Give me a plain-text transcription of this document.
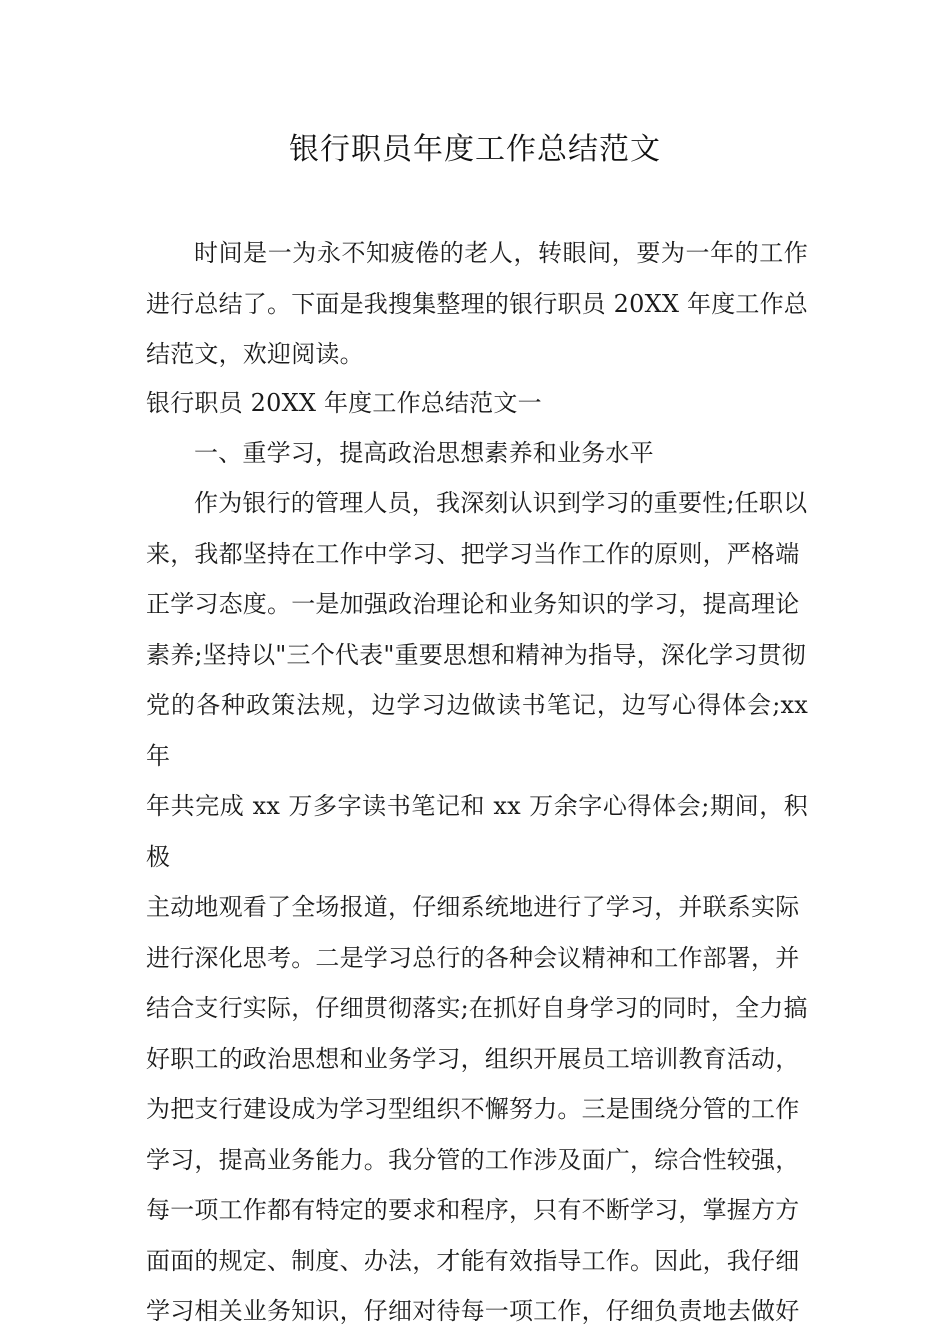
银行职员年度工作总结范文

时间是一为永不知疲倦的老人，转眼间，要为一年的工作进行总结了。下面是我搜集整理的银行职员 20XX 年度工作总结范文，欢迎阅读。

银行职员 20XX 年度工作总结范文一

一、重学习，提高政治思想素养和业务水平

作为银行的管理人员，我深刻认识到学习的重要性;任职以
来，我都坚持在工作中学习、把学习当作工作的原则，严格端
正学习态度。一是加强政治理论和业务知识的学习，提高理论
素养;坚持以"三个代表"重要思想和精神为指导，深化学习贯彻
党的各种政策法规，边学习边做读书笔记，边写心得体会;xx 年
年共完成 xx 万多字读书笔记和 xx 万余字心得体会;期间，积极
主动地观看了全场报道，仔细系统地进行了学习，并联系实际
进行深化思考。二是学习总行的各种会议精神和工作部署，并
结合支行实际，仔细贯彻落实;在抓好自身学习的同时，全力搞
好职工的政治思想和业务学习，组织开展员工培训教育活动，
为把支行建设成为学习型组织不懈努力。三是围绕分管的工作
学习，提高业务能力。我分管的工作涉及面广，综合性较强，
每一项工作都有特定的要求和程序，只有不断学习，掌握方方
面面的规定、制度、办法，才能有效指导工作。因此，我仔细
学习相关业务知识，仔细对待每一项工作，仔细负责地去做好
